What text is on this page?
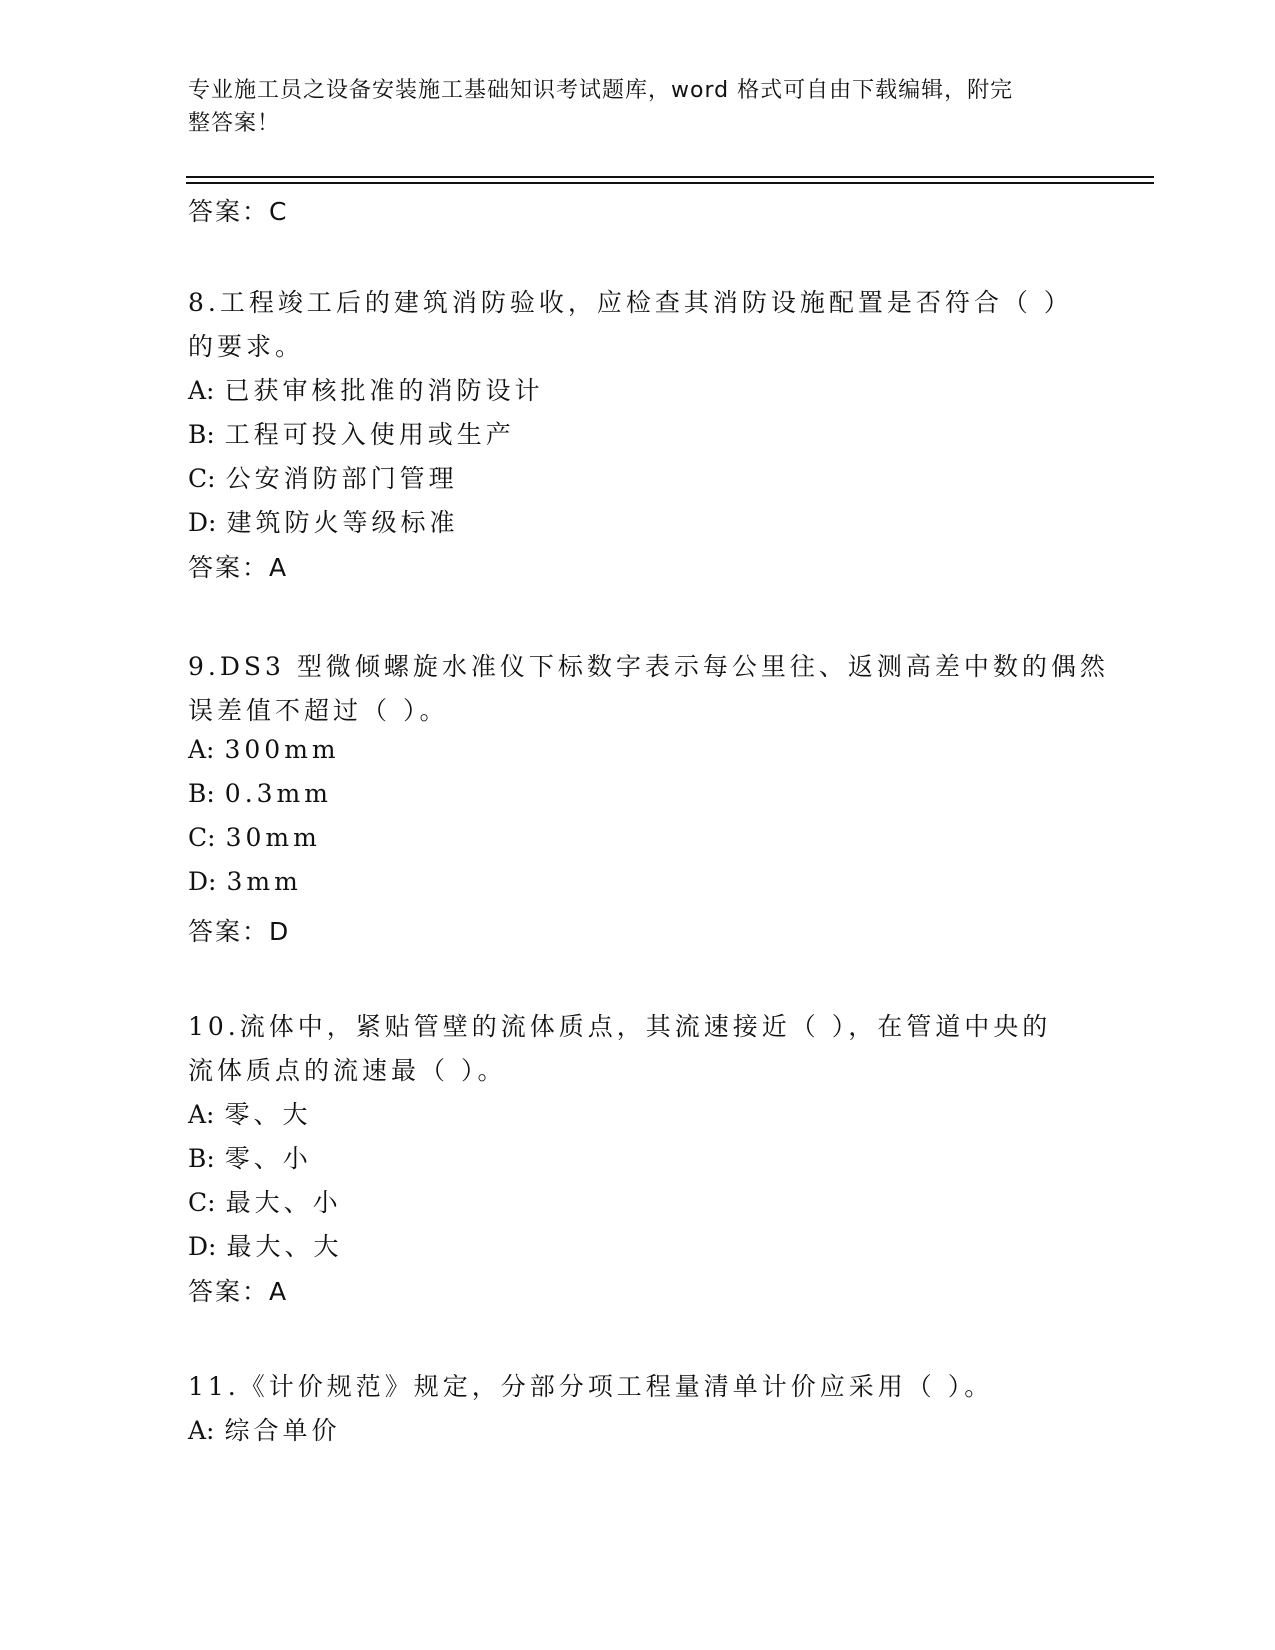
专业施工员之设备安装施工基础知识考试题库，word 格式可自由下载编辑，附完
整答案！
答案：C
8.工程竣工后的建筑消防验收，应检查其消防设施配置是否符合（ ）
的要求。
A: 已获审核批准的消防设计
B: 工程可投入使用或生产
C: 公安消防部门管理
D: 建筑防火等级标准
答案：A
9.DS3 型微倾螺旋水准仪下标数字表示每公里往、返测高差中数的偶然
误差值不超过（ ）。
A: 300mm
B: 0.3mm
C: 30mm
D: 3mm
答案：D
10.流体中，紧贴管壁的流体质点，其流速接近（ ），在管道中央的
流体质点的流速最（ ）。
A: 零、大
B: 零、小
C: 最大、小
D: 最大、大
答案：A
11.《计价规范》规定，分部分项工程量清单计价应采用（ ）。
A: 综合单价
